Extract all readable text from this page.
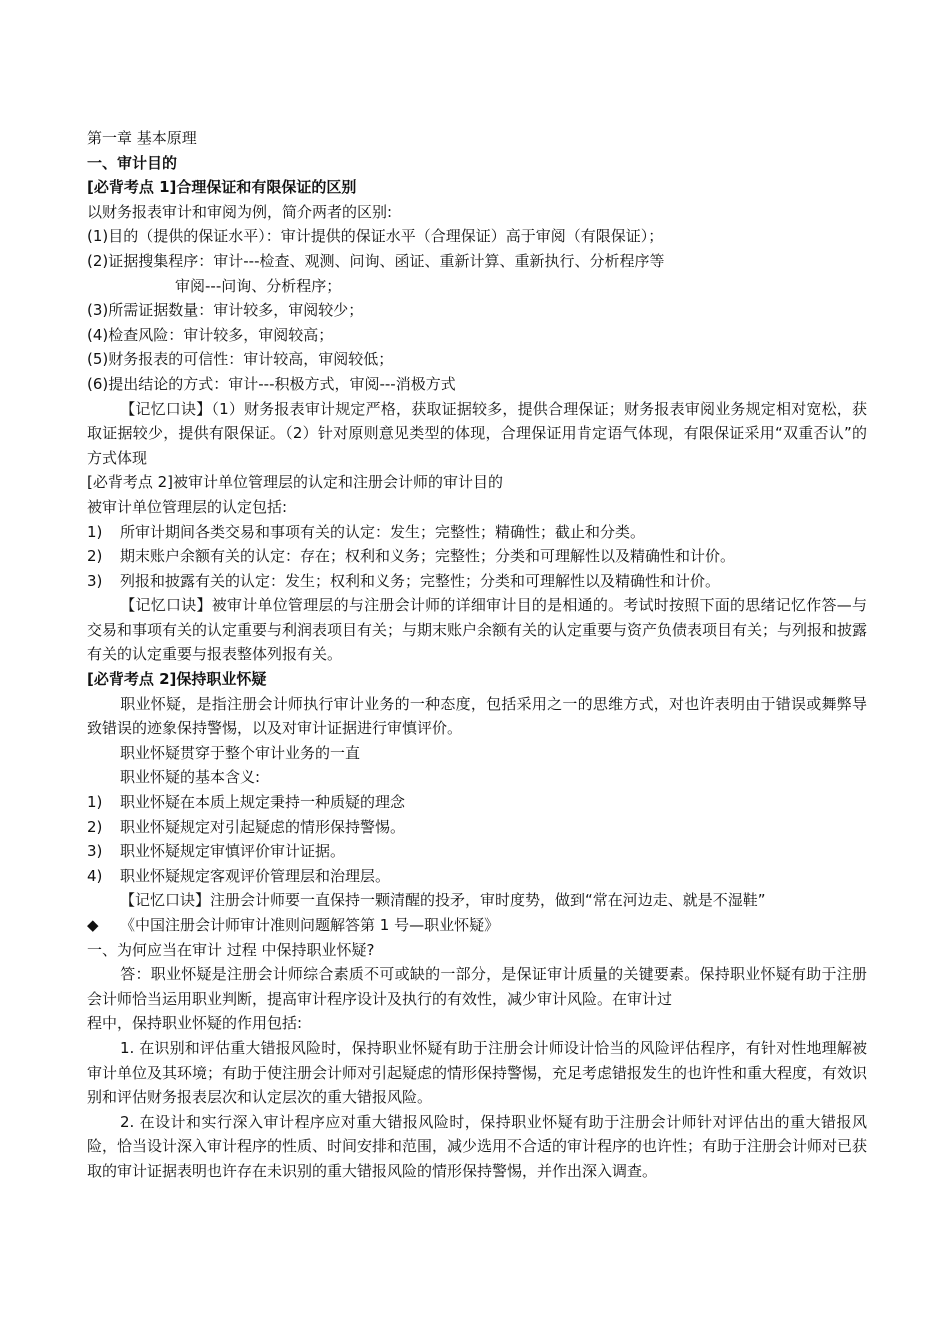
第一章 基本原理
一、审计目的
[必背考点 1]合理保证和有限保证的区别
以财务报表审计和审阅为例，简介两者的区别:
(1)目的（提供的保证水平）：审计提供的保证水平（合理保证）高于审阅（有限保证）；
(2)证据搜集程序：审计---检查、观测、问询、函证、重新计算、重新执行、分析程序等
审阅---问询、分析程序；
(3)所需证据数量：审计较多，审阅较少；
(4)检查风险：审计较多，审阅较高；
(5)财务报表的可信性：审计较高，审阅较低；
(6)提出结论的方式：审计---积极方式，审阅---消极方式
【记忆口诀】（1）财务报表审计规定严格，获取证据较多，提供合理保证；财务报表审阅业务规定相对宽松，获取证据较少，提供有限保证。（2）针对原则意见类型的体现，合理保证用肯定语气体现，有限保证采用“双重否认”的方式体现
[必背考点 2]被审计单位管理层的认定和注册会计师的审计目的
被审计单位管理层的认定包括:
1) 所审计期间各类交易和事项有关的认定：发生；完整性；精确性；截止和分类。
2) 期末账户余额有关的认定：存在；权利和义务；完整性；分类和可理解性以及精确性和计价。
3) 列报和披露有关的认定：发生；权利和义务；完整性；分类和可理解性以及精确性和计价。
【记忆口诀】被审计单位管理层的与注册会计师的详细审计目的是相通的。考试时按照下面的思绪记忆作答—与交易和事项有关的认定重要与利润表项目有关；与期末账户余额有关的认定重要与资产负债表项目有关；与列报和披露有关的认定重要与报表整体列报有关。
[必背考点 2]保持职业怀疑
职业怀疑，是指注册会计师执行审计业务的一种态度，包括采用之一的思维方式，对也许表明由于错误或舞弊导致错误的迹象保持警惕，以及对审计证据进行审慎评价。
职业怀疑贯穿于整个审计业务的一直
职业怀疑的基本含义:
1) 职业怀疑在本质上规定秉持一种质疑的理念
2) 职业怀疑规定对引起疑虑的情形保持警惕。
3) 职业怀疑规定审慎评价审计证据。
4) 职业怀疑规定客观评价管理层和治理层。
【记忆口诀】注册会计师要一直保持一颗清醒的投矛，审时度势，做到“常在河边走、就是不湿鞋”
◆ 《中国注册会计师审计准则问题解答第 1 号—职业怀疑》
一、为何应当在审计 过程 中保持职业怀疑?
答：职业怀疑是注册会计师综合素质不可或缺的一部分，是保证审计质量的关键要素。保持职业怀疑有助于注册会计师恰当运用职业判断，提高审计程序设计及执行的有效性，减少审计风险。在审计过
程中，保持职业怀疑的作用包括:
1. 在识别和评估重大错报风险时，保持职业怀疑有助于注册会计师设计恰当的风险评估程序，有针对性地理解被审计单位及其环境；有助于使注册会计师对引起疑虑的情形保持警惕，充足考虑错报发生的也许性和重大程度，有效识别和评估财务报表层次和认定层次的重大错报风险。
2. 在设计和实行深入审计程序应对重大错报风险时，保持职业怀疑有助于注册会计师针对评估出的重大错报风险，恰当设计深入审计程序的性质、时间安排和范围，减少选用不合适的审计程序的也许性；有助于注册会计师对已获取的审计证据表明也许存在未识别的重大错报风险的情形保持警惕，并作出深入调查。
